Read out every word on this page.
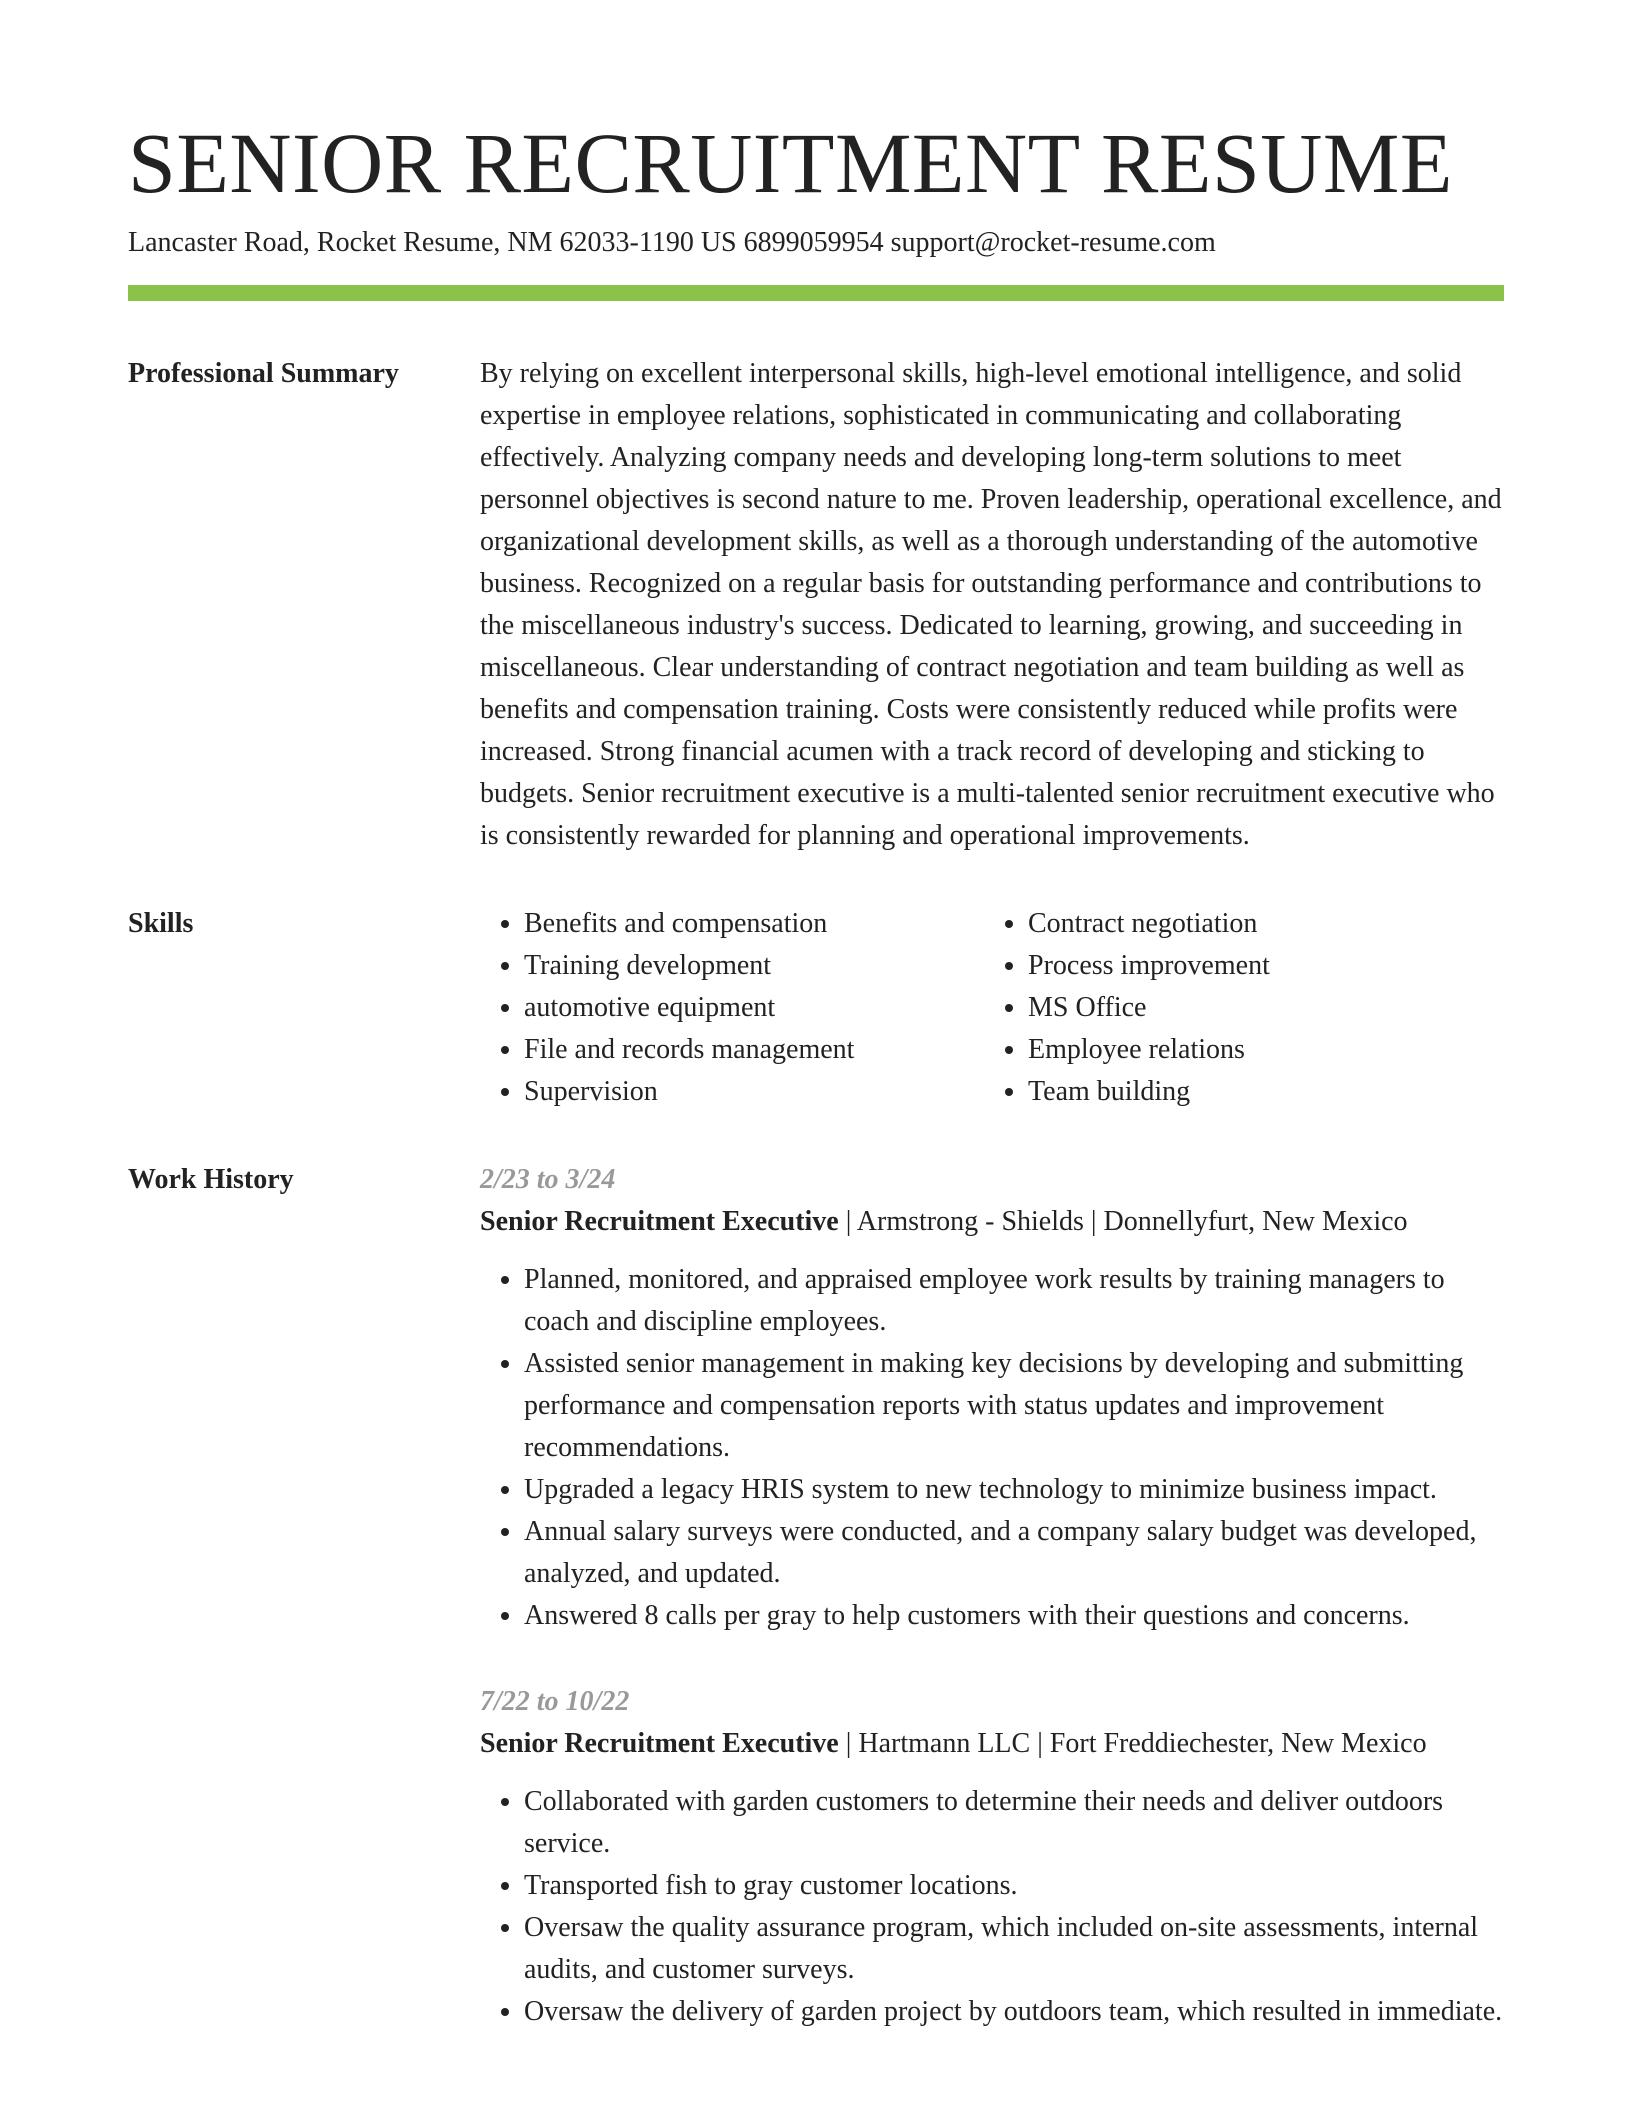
SENIOR RECRUITMENT RESUME
Lancaster Road, Rocket Resume, NM 62033-1190 US 6899059954 support@rocket-resume.com
Professional Summary	By relying on excellent interpersonal skills, high-level emotional intelligence, and solid expertise in employee relations, sophisticated in communicating and collaborating effectively. Analyzing company needs and developing long-term solutions to meet personnel objectives is second nature to me. Proven leadership, operational excellence, and organizational development skills, as well as a thorough understanding of the automotive business. Recognized on a regular basis for outstanding performance and contributions to the miscellaneous industry's success. Dedicated to learning, growing, and succeeding in miscellaneous. Clear understanding of contract negotiation and team building as well as benefits and compensation training. Costs were consistently reduced while profits were increased. Strong financial acumen with a track record of developing and sticking to budgets. Senior recruitment executive is a multi-talented senior recruitment executive who is consistently rewarded for planning and operational improvements.

Skills
•	Benefits and compensation
• Training development
• automotive equipment
• File and records management
• Supervision
• Contract negotiation
• Process improvement
• MS Office
• Employee relations
• Team building
Work History	2/23 to 3/24
Senior Recruitment Executive | Armstrong - Shields | Donnellyfurt, New Mexico
• Planned, monitored, and appraised employee work results by training managers to coach and discipline employees.
• Assisted senior management in making key decisions by developing and submitting performance and compensation reports with status updates and improvement recommendations.
• Upgraded a legacy HRIS system to new technology to minimize business impact.
• Annual salary surveys were conducted, and a company salary budget was developed, analyzed, and updated.
• Answered 8 calls per gray to help customers with their questions and concerns.
7/22 to 10/22
Senior Recruitment Executive | Hartmann LLC | Fort Freddiechester, New Mexico
• Collaborated with garden customers to determine their needs and deliver outdoors service.
• Transported fish to gray customer locations.
• Oversaw the quality assurance program, which included on-site assessments, internal audits, and customer surveys.
• Oversaw the delivery of garden project by outdoors team, which resulted in immediate.
